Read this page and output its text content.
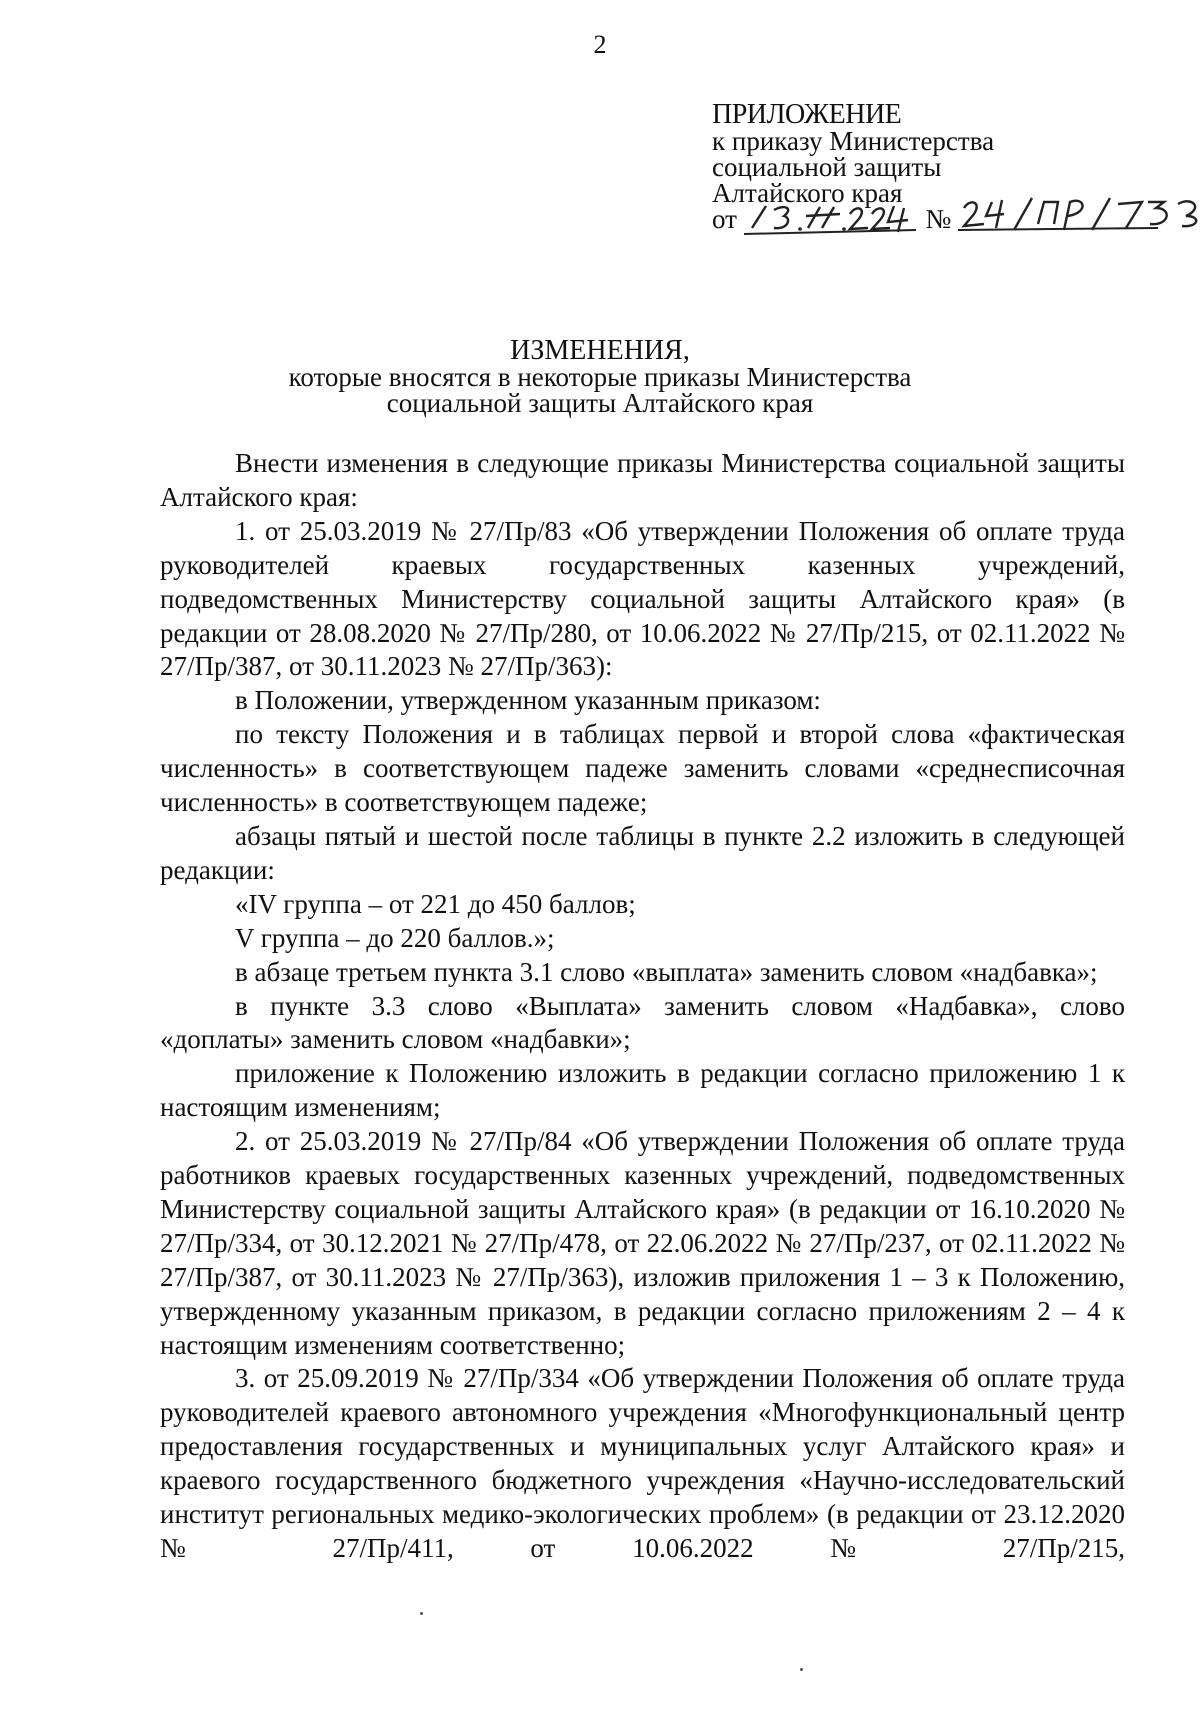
2
ПРИЛОЖЕНИЕ
к приказу Министерства
социальной защиты
Алтайского края
от	№
ИЗМЕНЕНИЯ,
которые вносятся в некоторые приказы Министерства
социальной защиты Алтайского края

Внести изменения в следующие приказы Министерства социальной защиты Алтайского края:

1. от 25.03.2019 № 27/Пр/83 «Об утверждении Положения об оплате труда руководителей краевых государственных казенных учреждений, подведомственных Министерству социальной защиты Алтайского края» (в редакции от 28.08.2020 № 27/Пр/280, от 10.06.2022 № 27/Пр/215, от 02.11.2022 № 27/Пр/387, от 30.11.2023 № 27/Пр/363):

в Положении, утвержденном указанным приказом:

по тексту Положения и в таблицах первой и второй слова «фактическая численность» в соответствующем падеже заменить словами «среднесписочная численность» в соответствующем падеже;

абзацы пятый и шестой после таблицы в пункте 2.2 изложить в следующей редакции:

«IV группа – от 221 до 450 баллов;

V группа – до 220 баллов.»;

в абзаце третьем пункта 3.1 слово «выплата» заменить словом «надбавка»;

в пункте 3.3 слово «Выплата» заменить словом «Надбавка», слово «доплаты» заменить словом «надбавки»;

приложение к Положению изложить в редакции согласно приложению 1 к настоящим изменениям;

2. от 25.03.2019 № 27/Пр/84 «Об утверждении Положения об оплате труда работников краевых государственных казенных учреждений, подведомственных Министерству социальной защиты Алтайского края» (в редакции от 16.10.2020 № 27/Пр/334, от 30.12.2021 № 27/Пр/478, от 22.06.2022 № 27/Пр/237, от 02.11.2022 № 27/Пр/387, от 30.11.2023 № 27/Пр/363), изложив приложения 1 – 3 к Положению, утвержденному указанным приказом, в редакции согласно приложениям 2 – 4 к настоящим изменениям соответственно;

3. от 25.09.2019 № 27/Пр/334 «Об утверждении Положения об оплате труда руководителей краевого автономного учреждения «Многофункциональный центр предоставления государственных и муниципальных услуг Алтайского края» и краевого государственного бюджетного учреждения «Научно-исследовательский институт региональных медико-экологических проблем» (в редакции от 23.12.2020 № 27/Пр/411, от 10.06.2022 № 27/Пр/215,
